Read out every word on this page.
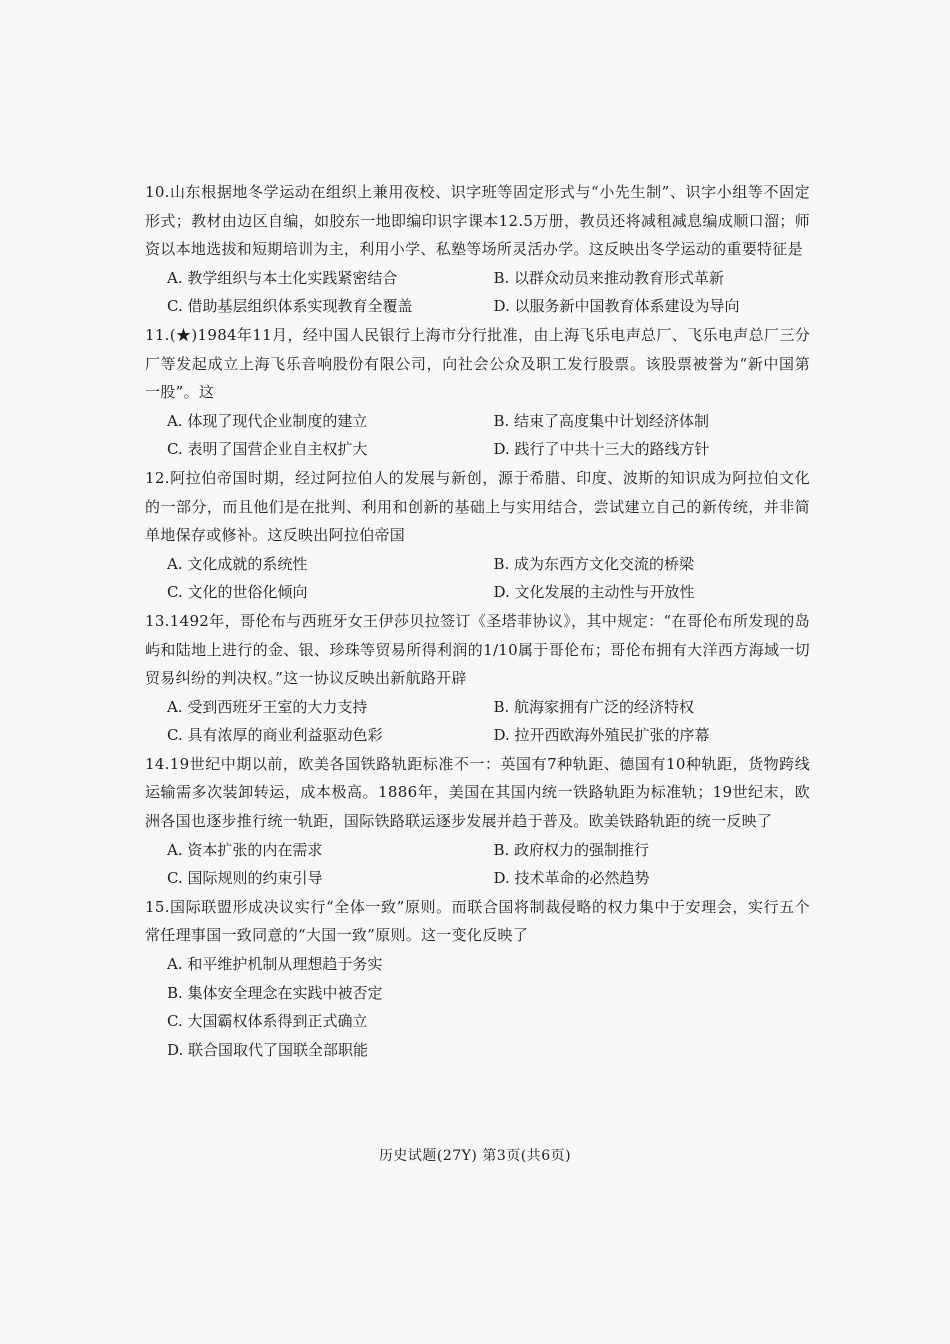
10.山东根据地冬学运动在组织上兼用夜校、识字班等固定形式与“小先生制”、识字小组等不固定形式；教材由边区自编，如胶东一地即编印识字课本12.5万册，教员还将减租减息编成顺口溜；师资以本地选拔和短期培训为主，利用小学、私塾等场所灵活办学。这反映出冬学运动的重要特征是
A. 教学组织与本土化实践紧密结合	B. 以群众动员来推动教育形式革新
C. 借助基层组织体系实现教育全覆盖	D. 以服务新中国教育体系建设为导向
11.(★)1984年11月，经中国人民银行上海市分行批准，由上海飞乐电声总厂、飞乐电声总厂三分厂等发起成立上海飞乐音响股份有限公司，向社会公众及职工发行股票。该股票被誉为“新中国第一股”。这
A. 体现了现代企业制度的建立	B. 结束了高度集中计划经济体制
C. 表明了国营企业自主权扩大	D. 践行了中共十三大的路线方针
12.阿拉伯帝国时期，经过阿拉伯人的发展与新创，源于希腊、印度、波斯的知识成为阿拉伯文化的一部分，而且他们是在批判、利用和创新的基础上与实用结合，尝试建立自己的新传统，并非简单地保存或修补。这反映出阿拉伯帝国
A. 文化成就的系统性	B. 成为东西方文化交流的桥梁
C. 文化的世俗化倾向	D. 文化发展的主动性与开放性
13.1492年，哥伦布与西班牙女王伊莎贝拉签订《圣塔菲协议》，其中规定：“在哥伦布所发现的岛屿和陆地上进行的金、银、珍珠等贸易所得利润的1/10属于哥伦布；哥伦布拥有大洋西方海域一切贸易纠纷的判决权。”这一协议反映出新航路开辟
A. 受到西班牙王室的大力支持	B. 航海家拥有广泛的经济特权
C. 具有浓厚的商业利益驱动色彩	D. 拉开西欧海外殖民扩张的序幕
14.19世纪中期以前，欧美各国铁路轨距标准不一：英国有7种轨距、德国有10种轨距，货物跨线运输需多次装卸转运，成本极高。1886年，美国在其国内统一铁路轨距为标准轨；19世纪末，欧洲各国也逐步推行统一轨距，国际铁路联运逐步发展并趋于普及。欧美铁路轨距的统一反映了
A. 资本扩张的内在需求	B. 政府权力的强制推行
C. 国际规则的约束引导	D. 技术革命的必然趋势
15.国际联盟形成决议实行“全体一致”原则。而联合国将制裁侵略的权力集中于安理会，实行五个常任理事国一致同意的“大国一致”原则。这一变化反映了
A. 和平维护机制从理想趋于务实
B. 集体安全理念在实践中被否定
C. 大国霸权体系得到正式确立
D. 联合国取代了国联全部职能
历史试题(27Y) 第3页(共6页)
